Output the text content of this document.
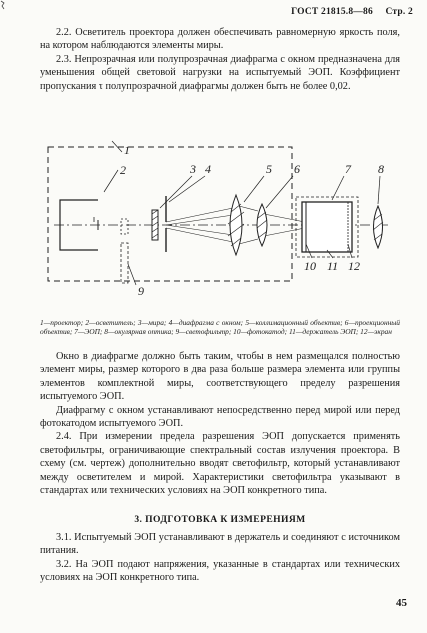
ГОСТ 21815.8—86 Стр. 2

2.2. Осветитель проектора должен обеспечивать равномерную яркость поля, на котором наблюдаются элементы миры.

2.3. Непрозрачная или полупрозрачная диафрагма с окном предназначена для уменьшения общей световой нагрузки на испытуемый ЭОП. Коэффициент пропускания τ полупрозрачной диафрагмы должен быть не более 0,02.

1
2	3 4	5 6	7 8
9
10 11 12
1—проектор; 2—осветитель; 3—мира; 4—диафрагма с окном; 5—коллимационный объектив; 6—проекционный объектив; 7—ЭОП; 8—окулярная оптика; 9—светофильтр; 10—фотокатод; 11—держатель ЭОП; 12—экран

Окно в диафрагме должно быть таким, чтобы в нем размещался полностью элемент миры, размер которого в два раза больше размера элемента или группы элементов комплектной миры, соответствующего пределу разрешения испытуемого ЭОП.

Диафрагму с окном устанавливают непосредственно перед мирой или перед фотокатодом испытуемого ЭОП.

2.4. При измерении предела разрешения ЭОП допускается применять светофильтры, ограничивающие спектральный состав излучения проектора. В схему (см. чертеж) дополнительно вводят светофильтр, который устанавливают между осветителем и мирой. Характеристики светофильтра указывают в стандартах или технических условиях на ЭОП конкретного типа.

3. ПОДГОТОВКА К ИЗМЕРЕНИЯМ

3.1. Испытуемый ЭОП устанавливают в держатель и соединяют с источником питания.

3.2. На ЭОП подают напряжения, указанные в стандартах или технических условиях на ЭОП конкретного типа.

45
